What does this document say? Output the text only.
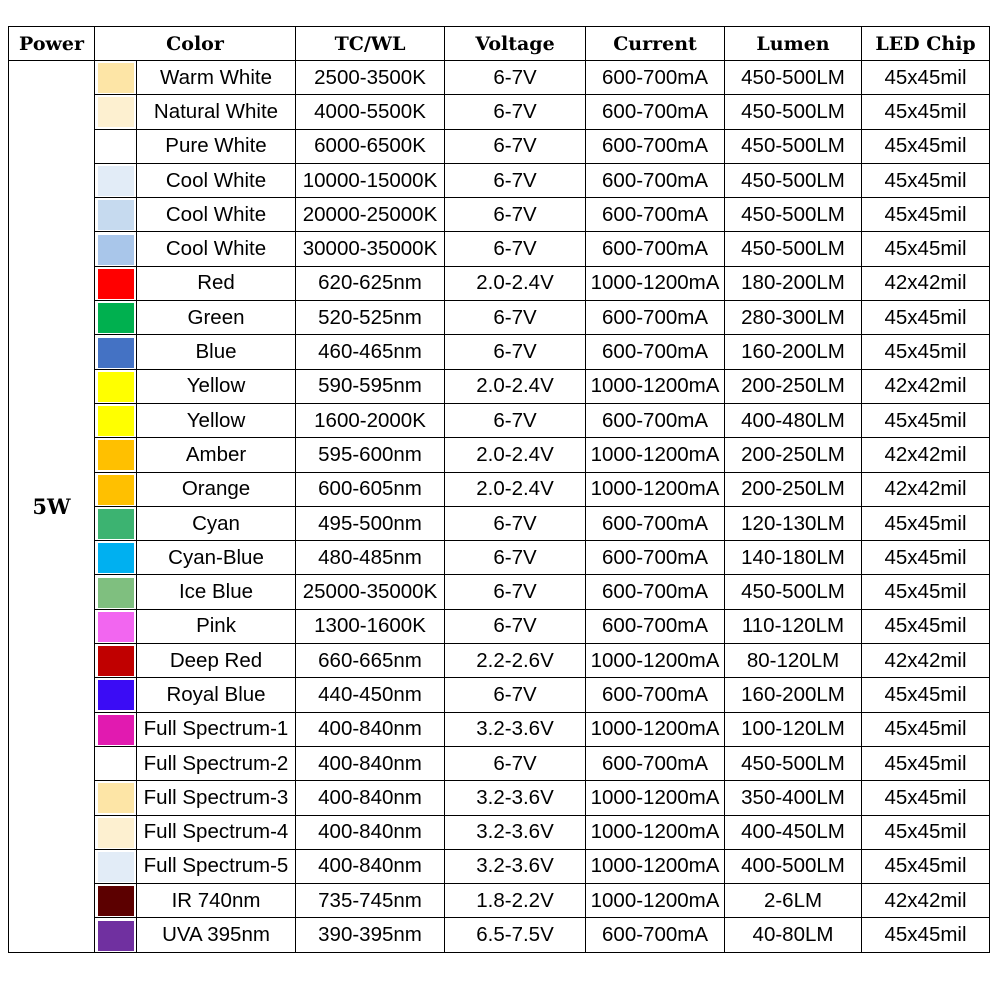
Power	Color		TC/WL	Voltage	Current	Lumen	LED Chip
5W		Warm White	2500-3500K	6-7V	600-700mA	450-500LM	45x45mil

		Natural White	4000-5500K	6-7V	600-700mA	450-500LM	45x45mil

		Pure White	6000-6500K	6-7V	600-700mA	450-500LM	45x45mil

		Cool White	10000-15000K	6-7V	600-700mA	450-500LM	45x45mil

		Cool White	20000-25000K	6-7V	600-700mA	450-500LM	45x45mil

		Cool White	30000-35000K	6-7V	600-700mA	450-500LM	45x45mil

		Red	620-625nm	2.0-2.4V	1000-1200mA	180-200LM	42x42mil

		Green	520-525nm	6-7V	600-700mA	280-300LM	45x45mil

		Blue	460-465nm	6-7V	600-700mA	160-200LM	45x45mil

		Yellow	590-595nm	2.0-2.4V	1000-1200mA	200-250LM	42x42mil

		Yellow	1600-2000K	6-7V	600-700mA	400-480LM	45x45mil

		Amber	595-600nm	2.0-2.4V	1000-1200mA	200-250LM	42x42mil

		Orange	600-605nm	2.0-2.4V	1000-1200mA	200-250LM	42x42mil

		Cyan	495-500nm	6-7V	600-700mA	120-130LM	45x45mil

		Cyan-Blue	480-485nm	6-7V	600-700mA	140-180LM	45x45mil

		Ice Blue	25000-35000K	6-7V	600-700mA	450-500LM	45x45mil

		Pink	1300-1600K	6-7V	600-700mA	110-120LM	45x45mil

		Deep Red	660-665nm	2.2-2.6V	1000-1200mA	80-120LM	42x42mil

		Royal Blue	440-450nm	6-7V	600-700mA	160-200LM	45x45mil

		Full Spectrum-1	400-840nm	3.2-3.6V	1000-1200mA	100-120LM	45x45mil

		Full Spectrum-2	400-840nm	6-7V	600-700mA	450-500LM	45x45mil

		Full Spectrum-3	400-840nm	3.2-3.6V	1000-1200mA	350-400LM	45x45mil

		Full Spectrum-4	400-840nm	3.2-3.6V	1000-1200mA	400-450LM	45x45mil

		Full Spectrum-5	400-840nm	3.2-3.6V	1000-1200mA	400-500LM	45x45mil

		IR 740nm	735-745nm	1.8-2.2V	1000-1200mA	2-6LM	42x42mil

		UVA 395nm	390-395nm	6.5-7.5V	600-700mA	40-80LM	45x45mil
